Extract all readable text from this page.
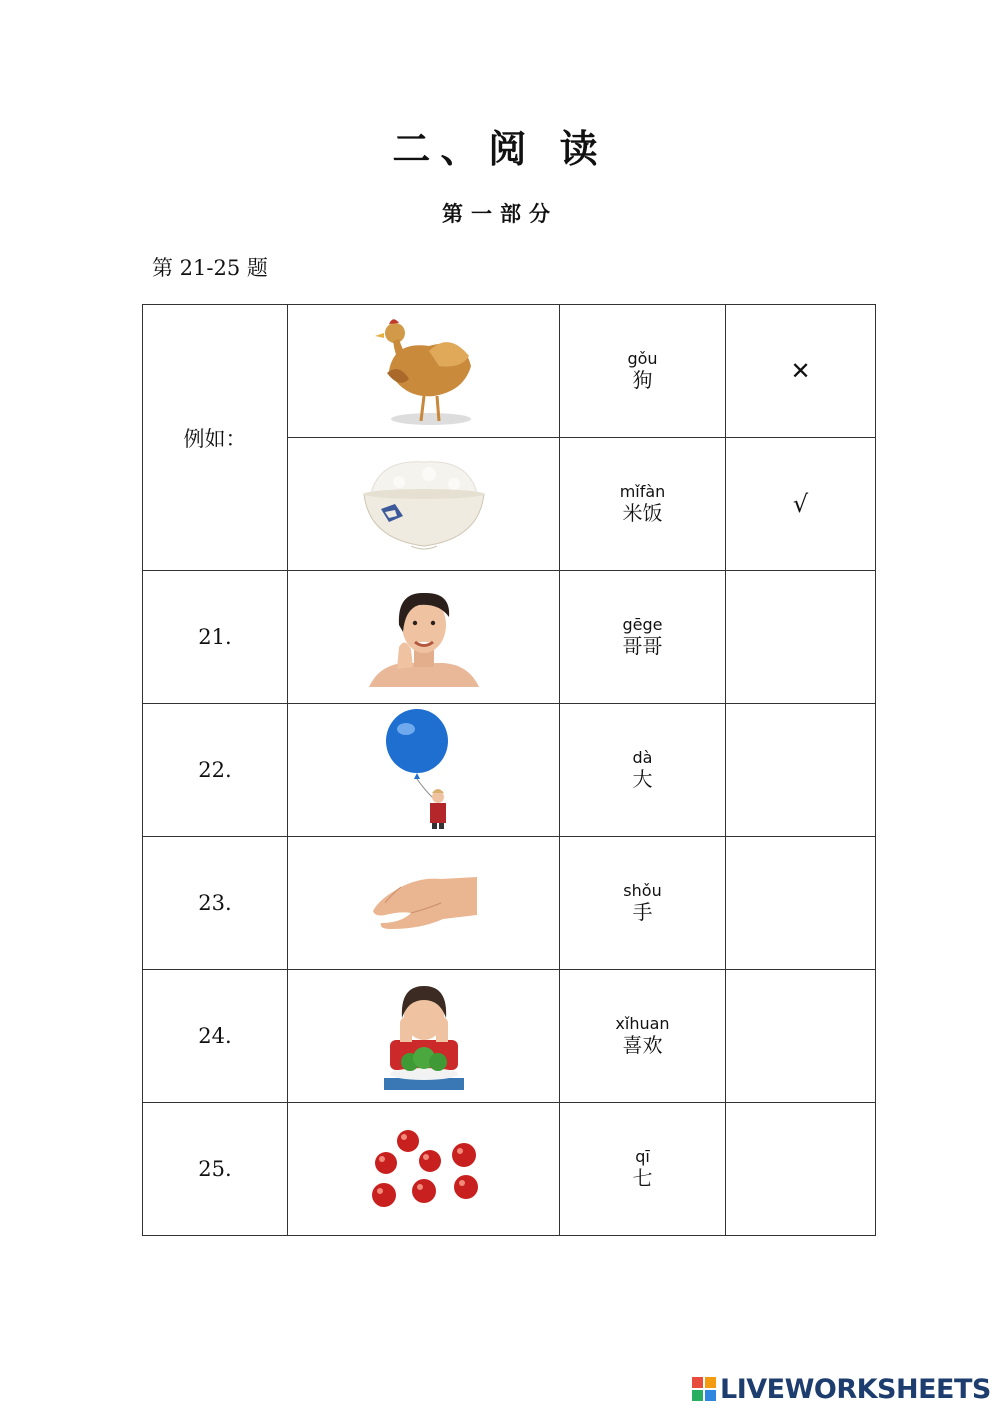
二、阅 读
第一部分

第 21-25 题

例如：		gǒu
狗	✕

mǐfàn
米饭	√
21.		gēge
哥哥	

22.		dà
大	

23.		shǒu
手	

24.		xǐhuan
喜欢	

25.		qī
七	

LIVEWORKSHEETS
